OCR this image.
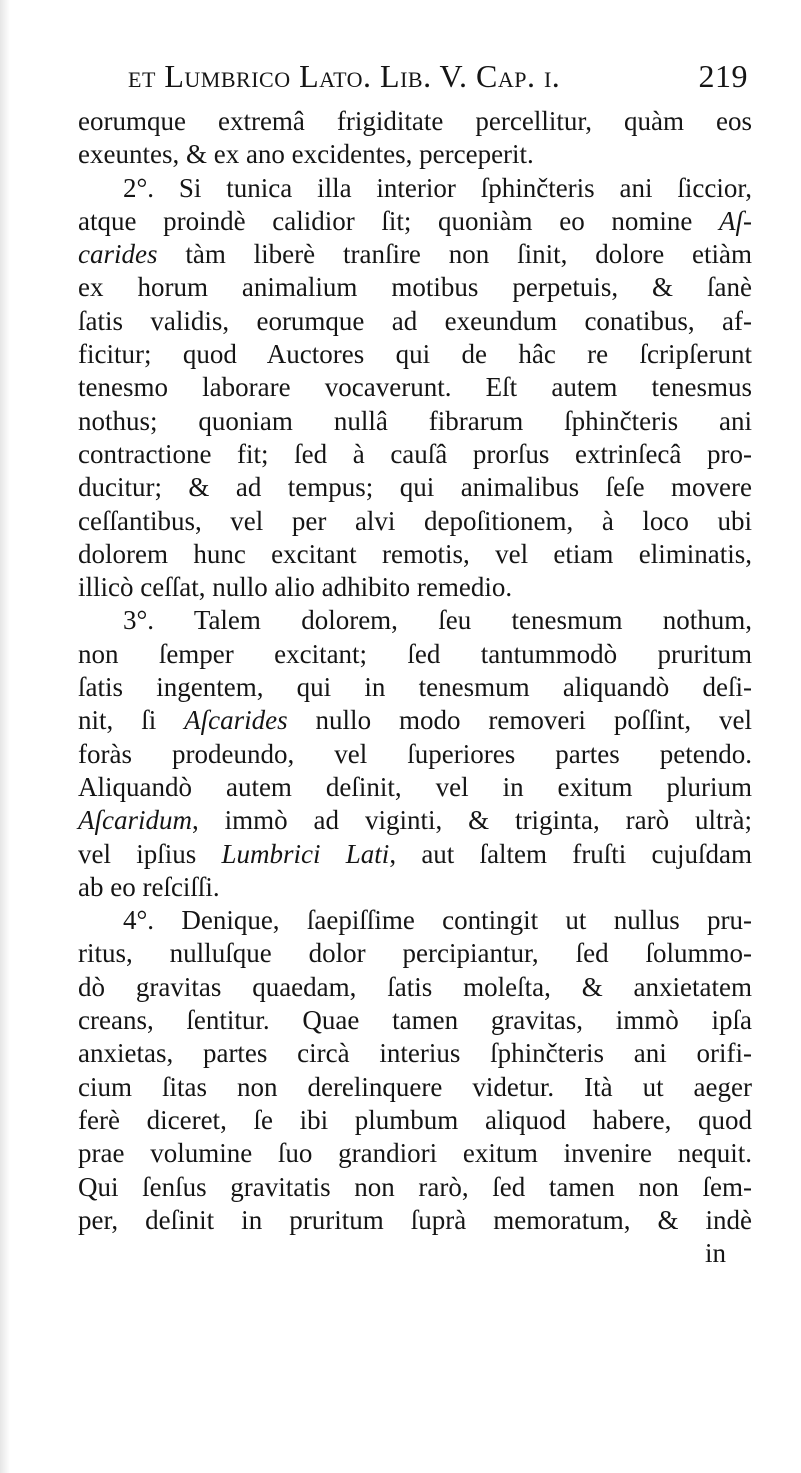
et Lumbrico Lato. Lib. V. Cap. i.	219
eorumque extremâ frigiditate percellitur, quàm eos
exeuntes, & ex ano excidentes, perceperit.
2°. Si tunica illa interior ſphinčteris ani ſiccior,
atque proindè calidior ſit; quoniàm eo nomine Aſ-
carides tàm liberè tranſire non ſinit, dolore etiàm
ex horum animalium motibus perpetuis, & ſanè
ſatis validis, eorumque ad exeundum conatibus, af-
ficitur; quod Auctores qui de hâc re ſcripſerunt
tenesmo laborare vocaverunt. Eſt autem tenesmus
nothus; quoniam nullâ fibrarum ſphinčteris ani
contractione fit; ſed à cauſâ prorſus extrinſecâ pro-
ducitur; & ad tempus; qui animalibus ſeſe movere
ceſſantibus, vel per alvi depoſitionem, à loco ubi
dolorem hunc excitant remotis, vel etiam eliminatis,
illicò ceſſat, nullo alio adhibito remedio.
3°. Talem dolorem, ſeu tenesmum nothum,
non ſemper excitant; ſed tantummodò pruritum
ſatis ingentem, qui in tenesmum aliquandò deſi-
nit, ſi Aſcarides nullo modo removeri poſſint, vel
foràs prodeundo, vel ſuperiores partes petendo.
Aliquandò autem deſinit, vel in exitum plurium
Aſcaridum, immò ad viginti, & triginta, rarò ultrà;
vel ipſius Lumbrici Lati, aut ſaltem fruſti cujuſdam
ab eo reſciſſi.
4°. Denique, ſaepiſſime contingit ut nullus pru-
ritus, nulluſque dolor percipiantur, ſed ſolummo-
dò gravitas quaedam, ſatis moleſta, & anxietatem
creans, ſentitur. Quae tamen gravitas, immò ipſa
anxietas, partes circà interius ſphinčteris ani orifi-
cium ſitas non derelinquere videtur. Ità ut aeger
ferè diceret, ſe ibi plumbum aliquod habere, quod
prae volumine ſuo grandiori exitum invenire nequit.
Qui ſenſus gravitatis non rarò, ſed tamen non ſem-
per, deſinit in pruritum ſuprà memoratum, & indè
in
